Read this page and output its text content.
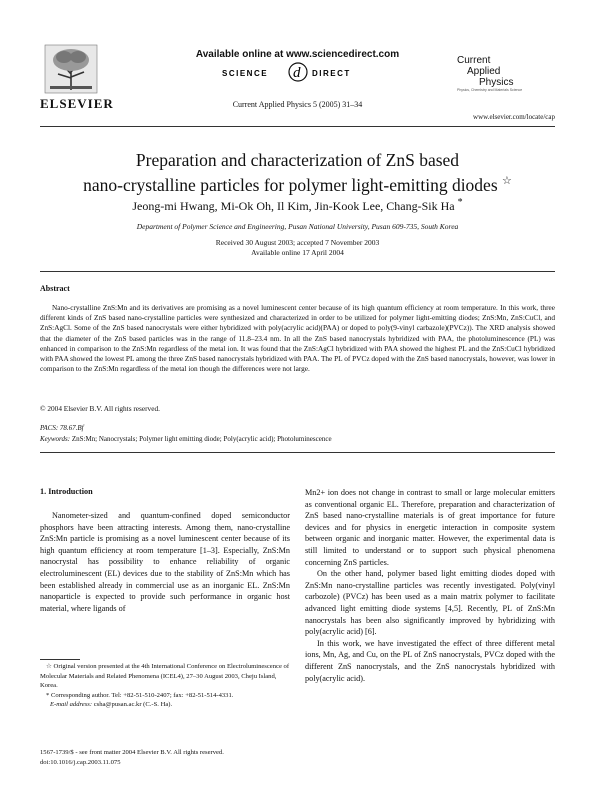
ELSEVIER
Available online at www.sciencedirect.com
SCIENCE d DIRECT
Current Applied Physics 5 (2005) 31–34
Current
Applied
Physics
Physics, Chemistry and Materials Science
www.elsevier.com/locate/cap
Preparation and characterization of ZnS based
nano-crystalline particles for polymer light-emitting diodes ☆
Jeong-mi Hwang, Mi-Ok Oh, Il Kim, Jin-Kook Lee, Chang-Sik Ha *
Department of Polymer Science and Engineering, Pusan National University, Pusan 609-735, South Korea
Received 30 August 2003; accepted 7 November 2003
Available online 17 April 2004
Abstract

Nano-crystalline ZnS:Mn and its derivatives are promising as a novel luminescent center because of its high quantum efficiency at room temperature. In this work, three different kinds of ZnS based nano-crystalline particles were synthesized and characterized in order to be utilized for polymer light-emitting diodes; ZnS:Mn, ZnS:CuCl, and ZnS:AgCl. Some of the ZnS based nanocrystals were either hybridized with poly(acrylic acid)(PAA) or doped to poly(9-vinyl carbazole)(PVCz)). The XRD analysis showed that the diameter of the ZnS based particles was in the range of 11.8–23.4 nm. In all the ZnS based nanocrystals hybridized with PAA, the photoluminescence (PL) was enhanced in comparison to the ZnS:Mn regardless of the metal ion. It was found that the ZnS:AgCl hybridized with PAA showed the highest PL and the ZnS:CuCl hybridized with PAA showed the lowest PL among the three ZnS based nanocrystals hybridized with PAA. The PL of PVCz doped with the ZnS based nanocrystals, however, was lower in comparison to the ZnS:Mn regardless of the metal ion though the differences were not large.

© 2004 Elsevier B.V. All rights reserved.
PACS: 78.67.Bf
Keywords: ZnS:Mn; Nanocrystals; Polymer light emitting diode; Poly(acrylic acid); Photoluminescence
1. Introduction

Nanometer-sized and quantum-confined doped semiconductor phosphors have been attracting interests. Among them, nano-crystalline ZnS:Mn particle is promising as a novel luminescent center because of its high quantum efficiency at room temperature [1–3]. Especially, ZnS:Mn nanocrystal has possibility to enhance reliability of organic electroluminescent (EL) devices due to the stability of ZnS:Mn which has been established already in commercial use as an inorganic EL. ZnS:Mn nanoparticle is expected to provide such performance in organic host material, where ligands of

Mn2+ ion does not change in contrast to small or large molecular emitters as conventional organic EL. Therefore, preparation and characterization of ZnS based nano-crystalline materials is of great importance for future devices and for physics in energetic interaction in composite system between organic and inorganic matter. However, the experimental data is still limited to understand or to support such physical phenomena concerning ZnS particles.

On the other hand, polymer based light emitting diodes doped with ZnS:Mn nano-crystalline particles was recently investigated. Poly(vinyl carbozole) (PVCz) has been used as a main matrix polymer to facilitate advanced light emitting diode systems [4,5]. Recently, PL of ZnS:Mn nanocrystals has been also significantly improved by hybridizing with poly(acrylic acid) [6].

In this work, we have investigated the effect of three different metal ions, Mn, Ag, and Cu, on the PL of ZnS nanocrystals, PVCz doped with the different ZnS nanocrystals, and the ZnS nanocrystals hybridized with poly(acrylic acid).

☆ Original version presented at the 4th International Conference on Electroluminescence of Molecular Materials and Related Phenomena (ICEL4), 27–30 August 2003, Cheju Island, Korea.

* Corresponding author. Tel: +82-51-510-2407; fax: +82-51-514-4331.

E-mail address: csha@pusan.ac.kr (C.-S. Ha).

1567-1739/$ - see front matter 2004 Elsevier B.V. All rights reserved.
doi:10.1016/j.cap.2003.11.075
